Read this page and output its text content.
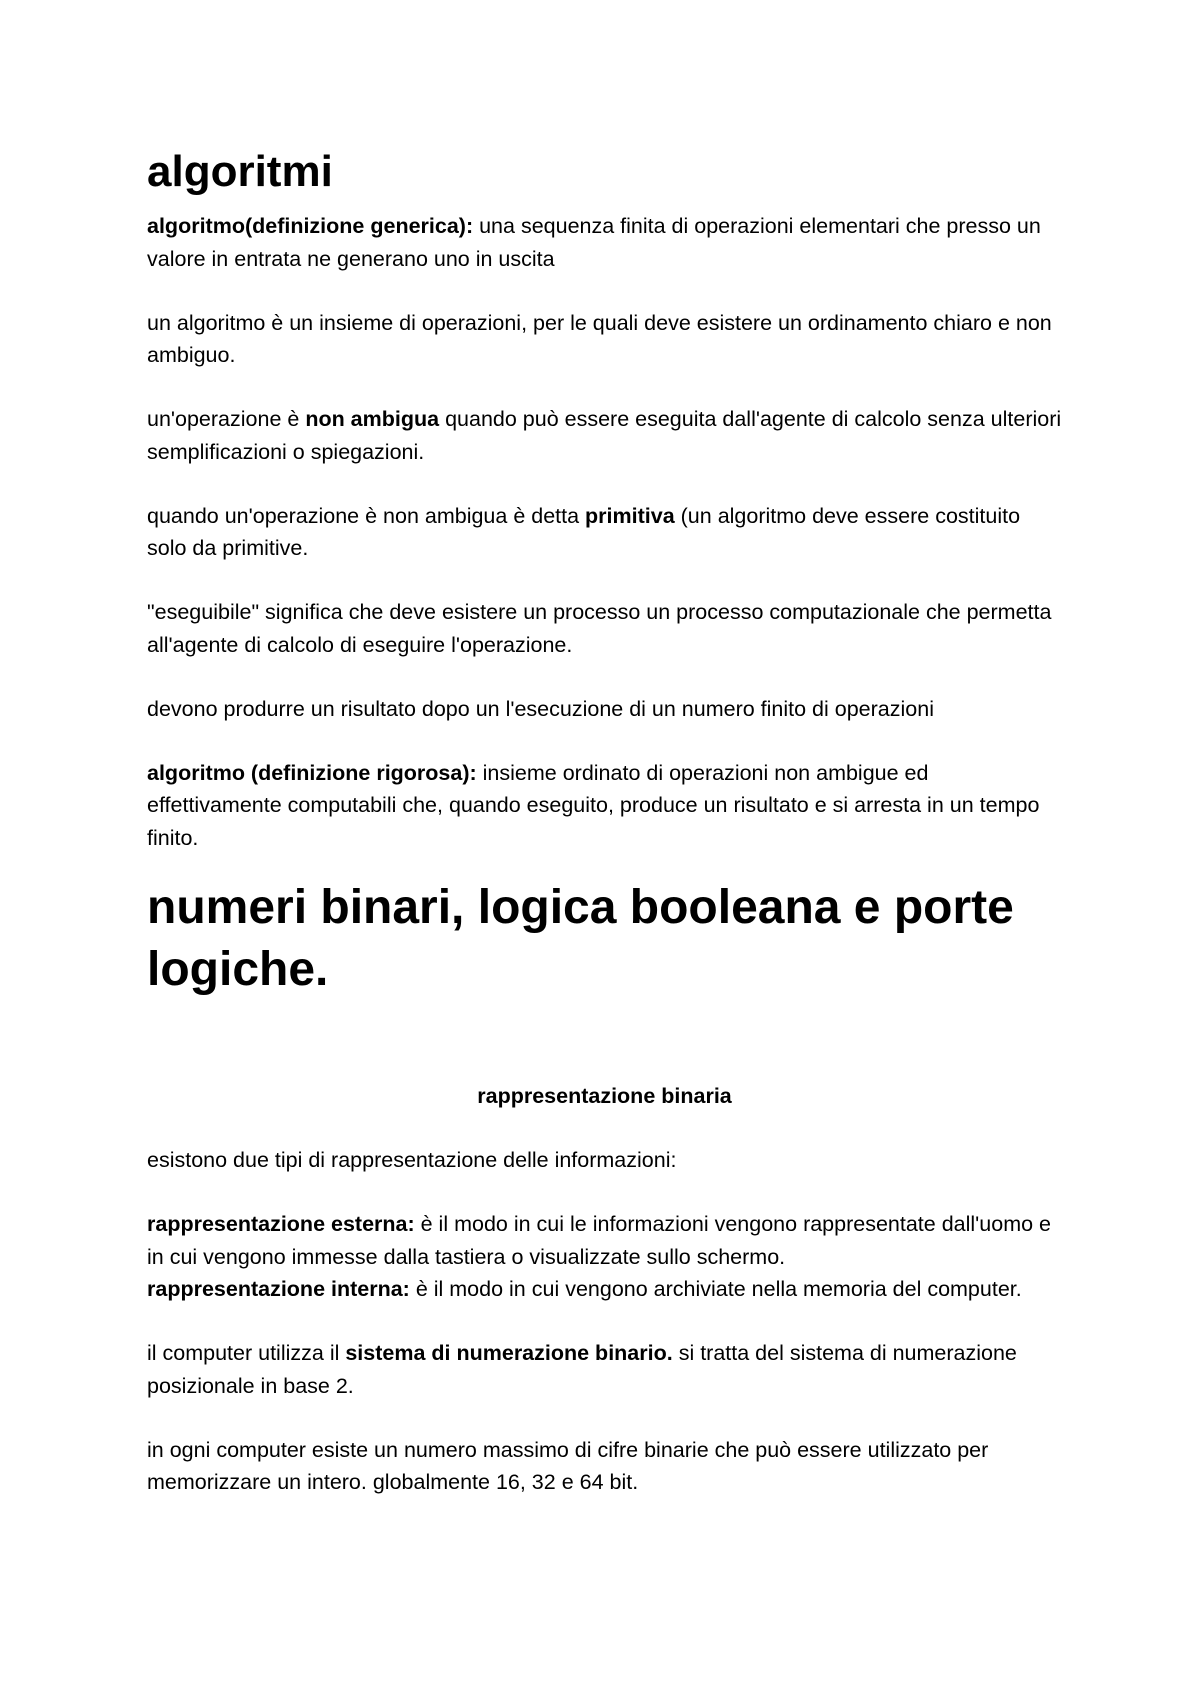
algoritmi

algoritmo(definizione generica): una sequenza finita di operazioni elementari che presso un valore in entrata ne generano uno in uscita

un algoritmo è un insieme di operazioni, per le quali deve esistere un ordinamento chiaro e non ambiguo.

un'operazione è non ambigua quando può essere eseguita dall'agente di calcolo senza ulteriori semplificazioni o spiegazioni.

quando un'operazione è non ambigua è detta primitiva (un algoritmo deve essere costituito solo da primitive.

"eseguibile" significa che deve esistere un processo un processo computazionale che permetta all'agente di calcolo di eseguire l'operazione.

devono produrre un risultato dopo un l'esecuzione di un numero finito di operazioni

algoritmo (definizione rigorosa): insieme ordinato di operazioni non ambigue ed effettivamente computabili che, quando eseguito, produce un risultato e si arresta in un tempo finito.

numeri binari, logica booleana e porte logiche.

rappresentazione binaria

esistono due tipi di rappresentazione delle informazioni:

rappresentazione esterna: è il modo in cui le informazioni vengono rappresentate dall'uomo e in cui vengono immesse dalla tastiera o visualizzate sullo schermo.

rappresentazione interna: è il modo in cui vengono archiviate nella memoria del computer.

il computer utilizza il sistema di numerazione binario. si tratta del sistema di numerazione posizionale in base 2.

in ogni computer esiste un numero massimo di cifre binarie che può essere utilizzato per memorizzare un intero. globalmente 16, 32 e 64 bit.
